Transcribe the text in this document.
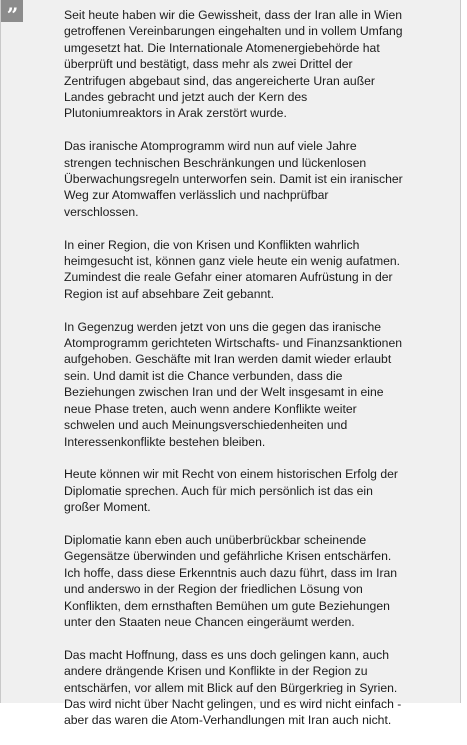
”	Seit heute haben wir die Gewissheit, dass der Iran alle in Wien getroffenen Vereinbarungen eingehalten und in vollem Umfang umgesetzt hat. Die Internationale Atomenergiebehörde hat überprüft und bestätigt, dass mehr als zwei Drittel der Zentrifugen abgebaut sind, das angereicherte Uran außer Landes gebracht und jetzt auch der Kern des Plutoniumreaktors in Arak zerstört wurde.

Das iranische Atomprogramm wird nun auf viele Jahre strengen technischen Beschränkungen und lückenlosen Überwachungsregeln unterworfen sein. Damit ist ein iranischer Weg zur Atomwaffen verlässlich und nachprüfbar verschlossen.

In einer Region, die von Krisen und Konflikten wahrlich heimgesucht ist, können ganz viele heute ein wenig aufatmen. Zumindest die reale Gefahr einer atomaren Aufrüstung in der Region ist auf absehbare Zeit gebannt.

In Gegenzug werden jetzt von uns die gegen das iranische Atomprogramm gerichteten Wirtschafts- und Finanzsanktionen aufgehoben. Geschäfte mit Iran werden damit wieder erlaubt sein. Und damit ist die Chance verbunden, dass die Beziehungen zwischen Iran und der Welt insgesamt in eine neue Phase treten, auch wenn andere Konflikte weiter schwelen und auch Meinungsverschiedenheiten und Interessenkonflikte bestehen bleiben.

Heute können wir mit Recht von einem historischen Erfolg der Diplomatie sprechen. Auch für mich persönlich ist das ein großer Moment.

Diplomatie kann eben auch unüberbrückbar scheinende Gegensätze überwinden und gefährliche Krisen entschärfen. Ich hoffe, dass diese Erkenntnis auch dazu führt, dass im Iran und anderswo in der Region der friedlichen Lösung von Konflikten, dem ernsthaften Bemühen um gute Beziehungen unter den Staaten neue Chancen eingeräumt werden.

Das macht Hoffnung, dass es uns doch gelingen kann, auch andere drängende Krisen und Konflikte in der Region zu entschärfen, vor allem mit Blick auf den Bürgerkrieg in Syrien. Das wird nicht über Nacht gelingen, und es wird nicht einfach - aber das waren die Atom-Verhandlungen mit Iran auch nicht.
